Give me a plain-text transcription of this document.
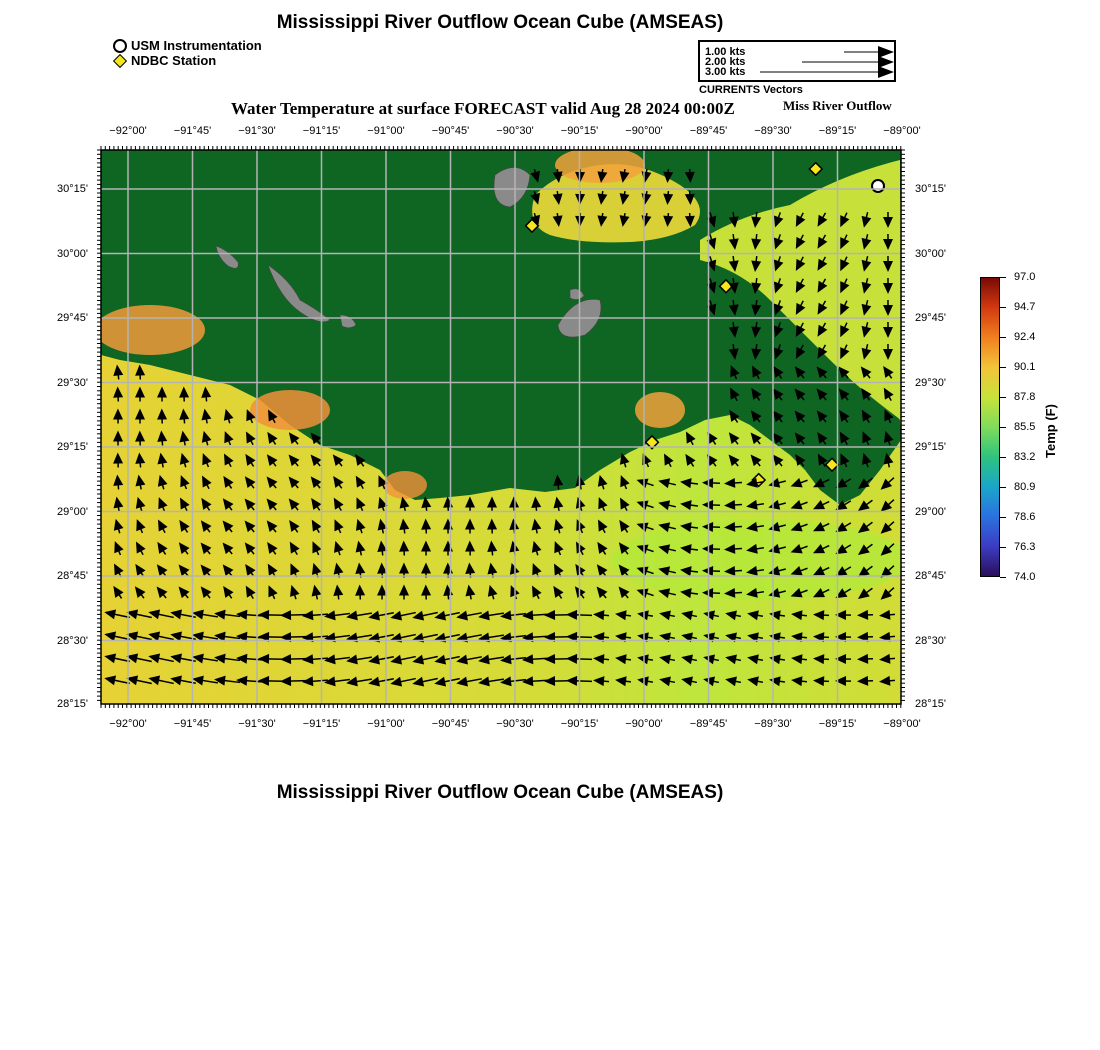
Mississippi River Outflow Ocean Cube (AMSEAS)
USM Instrumentation
NDBC Station
1.00 kts
2.00 kts
3.00 kts
CURRENTS Vectors
Water Temperature at surface FORECAST valid Aug 28 2024 00:00Z	Miss River Outflow
−92°00'	−91°45'	−91°30'	−91°15'	−91°00'	−90°45'	−90°30'	−90°15'	−90°00'	−89°45'	−89°30'	−89°15'	−89°00'
−92°00'	−91°45'	−91°30'	−91°15'	−91°00'	−90°45'	−90°30'	−90°15'	−90°00'	−89°45'	−89°30'	−89°15'	−89°00'
30°15'
30°00'
29°45'
29°30'
29°15'
29°00'
28°45'
28°30'
28°15'
30°15'
30°00'
29°45'
29°30'
29°15'
29°00'
28°45'
28°30'
28°15'
97.0
94.7
92.4
90.1
87.8
85.5
83.2
80.9
78.6
76.3
74.0
Temp (F)
Mississippi River Outflow Ocean Cube (AMSEAS)
